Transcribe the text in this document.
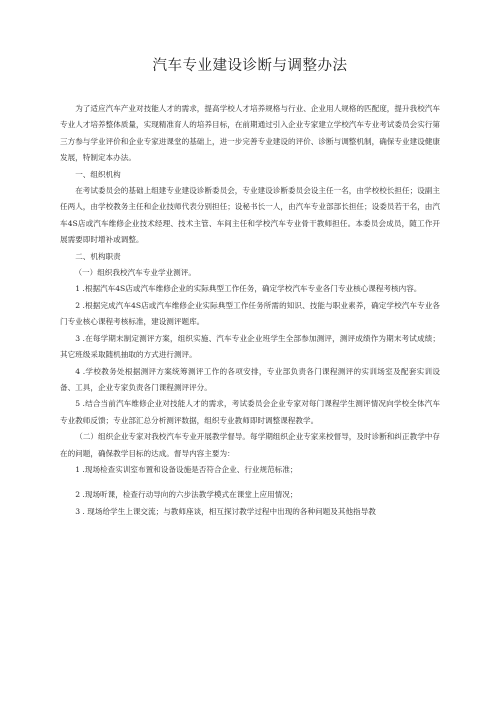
汽车专业建设诊断与调整办法

为了适应汽车产业对技能人才的需求，提高学校人才培养规格与行业、企业用人规格的匹配度，提升我校汽车专业人才培养整体质量，实现精准育人的培养目标，在前期通过引入企业专家建立学校汽车专业考试委员会实行第三方参与学业评价和企业专家进课堂的基础上，进一步完善专业建设的评价、诊断与调整机制，确保专业建设健康发展，特制定本办法。

一、组织机构

在考试委员会的基础上组建专业建设诊断委员会，专业建设诊断委员会设主任一名，由学校校长担任；设副主任两人，由学校教务主任和企业技师代表分别担任；设秘书长一人，由汽车专业部部长担任；设委员若干名，由汽车4S店或汽车维修企业技术经理、技术主管、车间主任和学校汽车专业骨干教师担任。本委员会成员，随工作开展需要即时增补或调整。

二、机构职责

（一）组织我校汽车专业学业测评。

1 .根据汽车4S店或汽车维修企业的实际典型工作任务，确定学校汽车专业各门专业核心课程考核内容。

2 .根据完成汽车4S店或汽车维修企业实际典型工作任务所需的知识、技能与职业素养，确定学校汽车专业各门专业核心课程考核标准，建设测评题库。

3 .在每学期末制定测评方案，组织实施、汽车专业企业班学生全部参加测评，测评成绩作为期末考试成绩；其它班级采取随机抽取的方式进行测评。

4 .学校教务处根据测评方案统筹测评工作的各项安排，专业部负责各门课程测评的实训场室及配套实训设备、工具，企业专家负责各门课程测评评分。

5 .结合当前汽车维修企业对技能人才的需求，考试委员会企业专家对每门课程学生测评情况向学校全体汽车专业教师反馈；专业部汇总分析测评数据，组织专业教师即时调整课程教学。

（二）组织企业专家对我校汽车专业开展教学督导。每学期组织企业专家来校督导，及时诊断和纠正教学中存在的问题，确保教学目标的达成。督导内容主要为：

1 .现场检查实训室布置和设备设施是否符合企业、行业规范标准；

2 .现场听课，检查行动导向的六步法教学模式在课堂上应用情况；

3 . 现场给学生上课交流；与教师座谈，相互探讨教学过程中出现的各种问题及其他指导教
